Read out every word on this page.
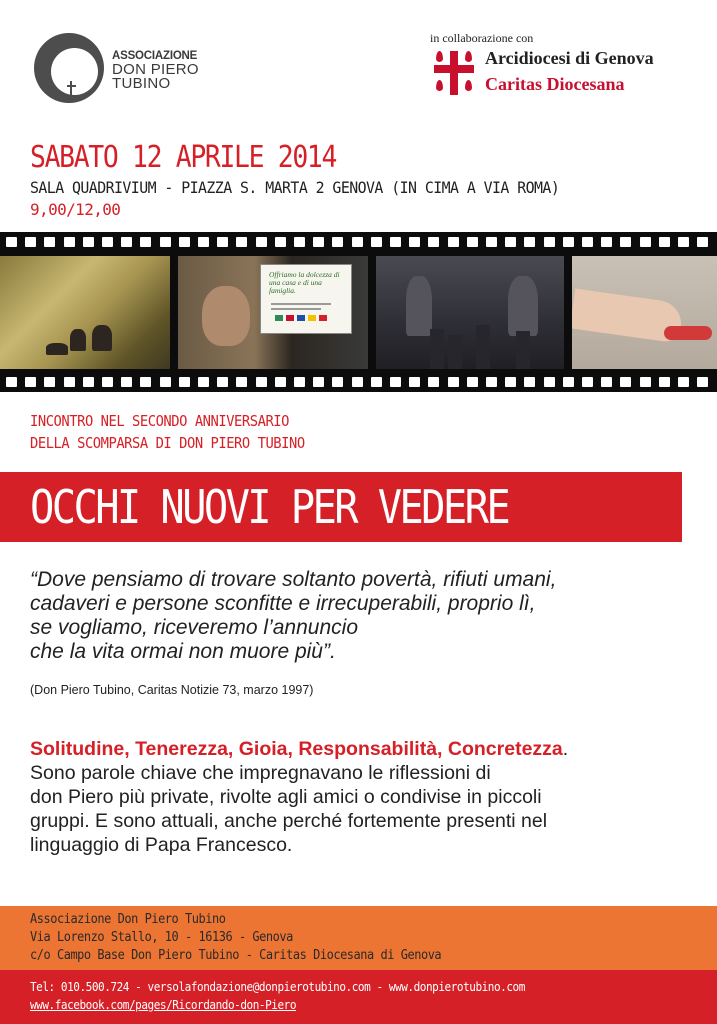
ASSOCIAZIONE
DON PIERO
TUBINO
in collaborazione con
Arcidiocesi di Genova
Caritas Diocesana
SABATO 12 APRILE 2014
SALA QUADRIVIUM - PIAZZA S. MARTA 2 GENOVA (IN CIMA A VIA ROMA)
9,00/12,00
Offriamo la dolcezza di una casa e di una famiglia.
INCONTRO NEL SECONDO ANNIVERSARIO
DELLA SCOMPARSA DI DON PIERO TUBINO
OCCHI NUOVI PER VEDERE
“Dove pensiamo di trovare soltanto povertà, rifiuti umani,
cadaveri e persone sconfitte e irrecuperabili, proprio lì,
se vogliamo, riceveremo l’annuncio
che la vita ormai non muore più”.
(Don Piero Tubino, Caritas Notizie 73, marzo 1997)
Solitudine, Tenerezza, Gioia, Responsabilità, Concretezza.
Sono parole chiave che impregnavano le riflessioni di
don Piero più private, rivolte agli amici o condivise in piccoli
gruppi. E sono attuali, anche perché fortemente presenti nel
linguaggio di Papa Francesco.
Associazione Don Piero Tubino
Via Lorenzo Stallo, 10 - 16136 - Genova
c/o Campo Base Don Piero Tubino - Caritas Diocesana di Genova
Tel: 010.500.724 - versolafondazione@donpierotubino.com - www.donpierotubino.com
www.facebook.com/pages/Ricordando-don-Piero
